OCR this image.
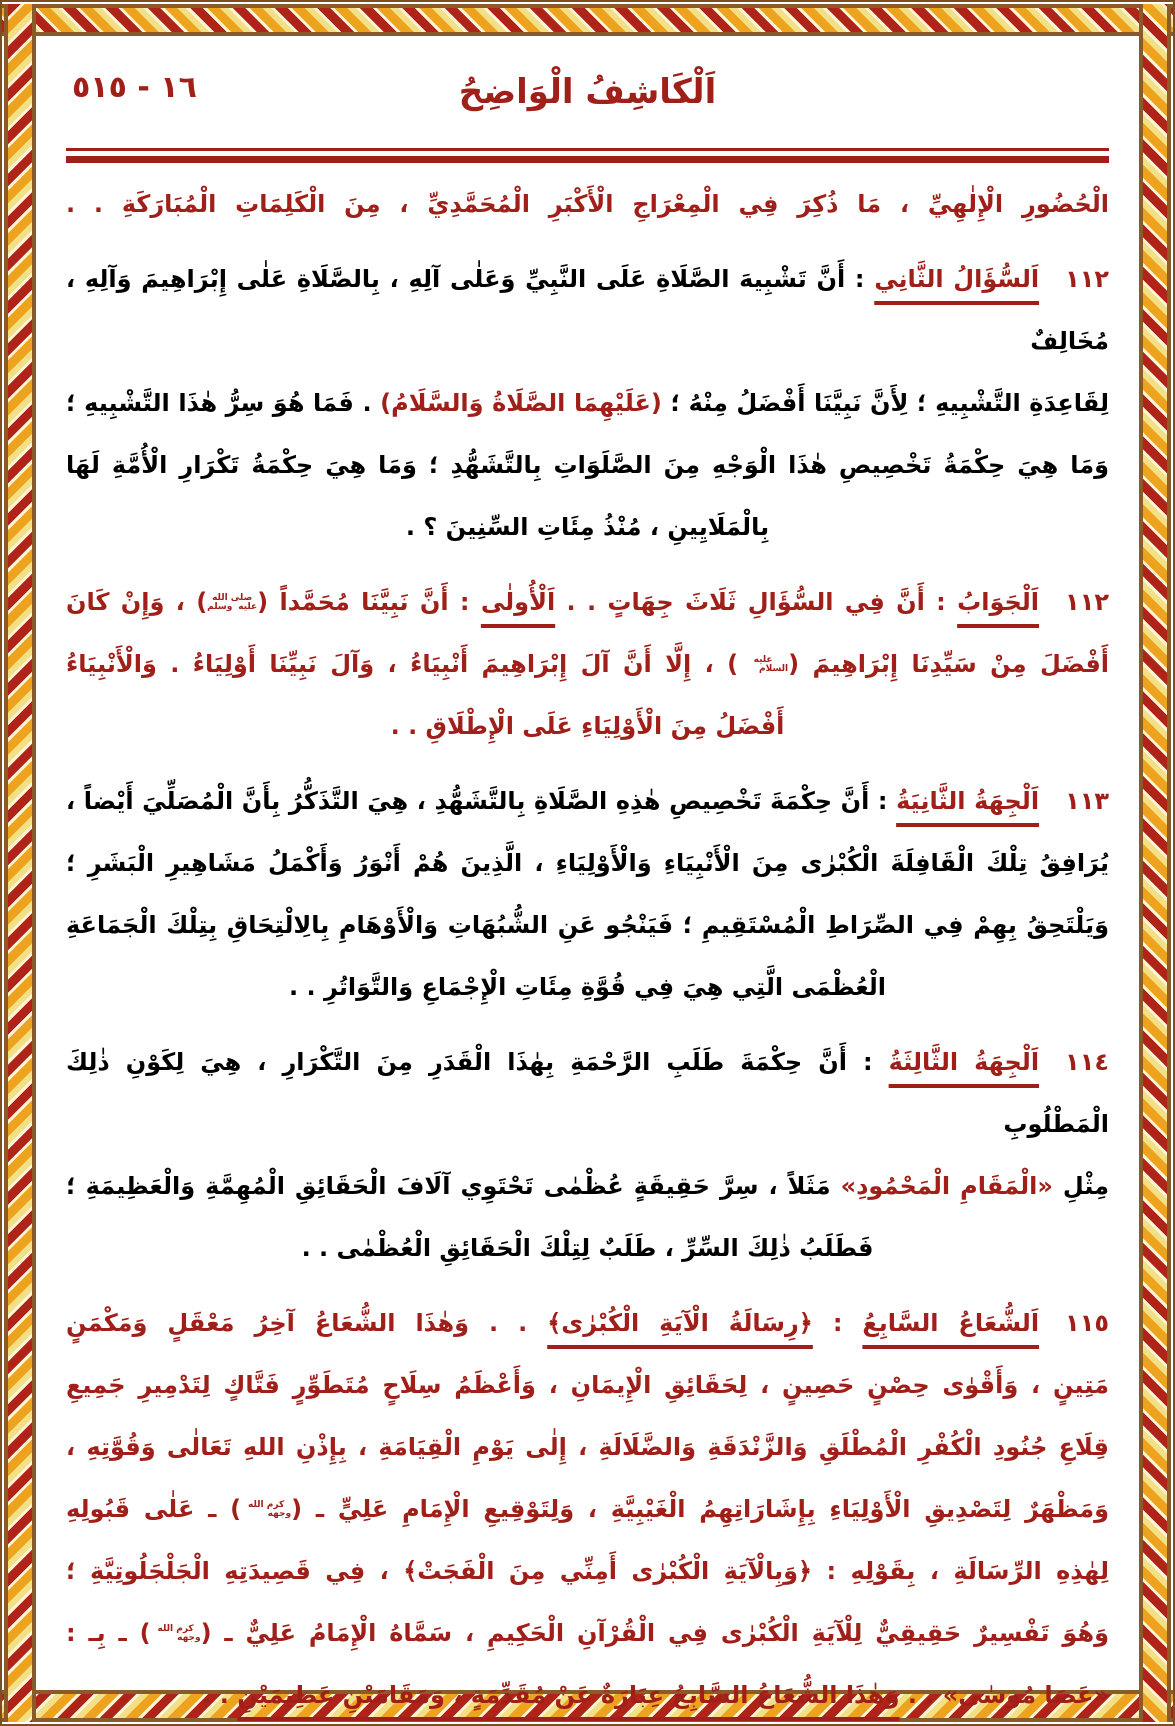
اَلْكَاشِفُ الْوَاضِحُ
١٦ - ٥١٥
الْحُضُورِ الْإِلٰهِيِّ ، مَا ذُكِرَ فِي الْمِعْرَاجِ الْأَكْبَرِ الْمُحَمَّدِيِّ ، مِنَ الْكَلِمَاتِ الْمُبَارَكَةِ . .
١١٢اَلسُّؤَالُ الثَّانِي : أَنَّ تَشْبِيهَ الصَّلَاةِ عَلَى النَّبِيِّ وَعَلٰى آلِهِ ، بِالصَّلَاةِ عَلٰى إِبْرَاهِيمَ وَآلِهِ ، مُخَالِفٌ
لِقَاعِدَةِ التَّشْبِيهِ ؛ لِأَنَّ نَبِيَّنَا أَفْضَلُ مِنْهُ ؛ (عَلَيْهِمَا الصَّلَاةُ وَالسَّلَامُ) . فَمَا هُوَ سِرُّ هٰذَا التَّشْبِيهِ ؛
وَمَا هِيَ حِكْمَةُ تَخْصِيصِ هٰذَا الْوَجْهِ مِنَ الصَّلَوَاتِ بِالتَّشَهُّدِ ؛ وَمَا هِيَ حِكْمَةُ تَكْرَارِ الْأُمَّةِ لَهَا
بِالْمَلَايِينِ ، مُنْذُ مِئَاتِ السِّنِينَ ؟ .
١١٢اَلْجَوَابُ : أَنَّ فِي السُّؤَالِ ثَلَاثَ جِهَاتٍ . . اَلْأُولٰى : أَنَّ نَبِيَّنَا مُحَمَّداً (صلى الله عليه وسلم) ، وَإِنْ كَانَ
أَفْضَلَ مِنْ سَيِّدِنَا إِبْرَاهِيمَ (عليه السلام) ، إِلَّا أَنَّ آلَ إِبْرَاهِيمَ أَنْبِيَاءُ ، وَآلَ نَبِيِّنَا أَوْلِيَاءُ . وَالْأَنْبِيَاءُ
أَفْضَلُ مِنَ الْأَوْلِيَاءِ عَلَى الْإِطْلَاقِ . .
١١٣اَلْجِهَةُ الثَّانِيَةُ : أَنَّ حِكْمَةَ تَخْصِيصِ هٰذِهِ الصَّلَاةِ بِالتَّشَهُّدِ ، هِيَ التَّذَكُّرُ بِأَنَّ الْمُصَلِّيَ أَيْضاً ،
يُرَافِقُ تِلْكَ الْقَافِلَةَ الْكُبْرٰى مِنَ الْأَنْبِيَاءِ وَالْأَوْلِيَاءِ ، الَّذِينَ هُمْ أَنْوَرُ وَأَكْمَلُ مَشَاهِيرِ الْبَشَرِ ؛
وَيَلْتَحِقُ بِهِمْ فِي الصِّرَاطِ الْمُسْتَقِيمِ ؛ فَيَنْجُو عَنِ الشُّبُهَاتِ وَالْأَوْهَامِ بِالِالْتِحَاقِ بِتِلْكَ الْجَمَاعَةِ
الْعُظْمَى الَّتِي هِيَ فِي قُوَّةِ مِئَاتِ الْإِجْمَاعِ وَالتَّوَاتُرِ . .
١١٤اَلْجِهَةُ الثَّالِثَةُ : أَنَّ حِكْمَةَ طَلَبِ الرَّحْمَةِ بِهٰذَا الْقَدَرِ مِنَ التَّكْرَارِ ، هِيَ لِكَوْنِ ذٰلِكَ الْمَطْلُوبِ
مِثْلِ «الْمَقَامِ الْمَحْمُودِ» مَثَلاً ، سِرَّ حَقِيقَةٍ عُظْمٰى تَحْتَوِي آلَافَ الْحَقَائِقِ الْمُهِمَّةِ وَالْعَظِيمَةِ ؛
فَطَلَبُ ذٰلِكَ السِّرِّ ، طَلَبٌ لِتِلْكَ الْحَقَائِقِ الْعُظْمٰى . .
١١٥اَلشُّعَاعُ السَّابِعُ : ﴿رِسَالَةُ الْآيَةِ الْكُبْرٰى﴾ . . وَهٰذَا الشُّعَاعُ آخِرُ مَعْقَلٍ وَمَكْمَنٍ
مَتِينٍ ، وَأَقْوٰى حِصْنٍ حَصِينٍ ، لِحَقَائِقِ الْإِيمَانِ ، وَأَعْظَمُ سِلَاحٍ مُتَطَوِّرٍ فَتَّاكٍ لِتَدْمِيرِ جَمِيعِ
قِلَاعِ جُنُودِ الْكُفْرِ الْمُطْلَقِ وَالزَّنْدَقَةِ وَالضَّلَالَةِ ، إِلٰى يَوْمِ الْقِيَامَةِ ، بِإِذْنِ اللهِ تَعَالٰى وَقُوَّتِهِ ،
وَمَظْهَرٌ لِتَصْدِيقِ الْأَوْلِيَاءِ بِإِشَارَاتِهِمُ الْغَيْبِيَّةِ ، وَلِتَوْقِيعِ الْإِمَامِ عَلِيٍّ ـ (كرم الله وجهه) ـ عَلٰى قَبُولِهِ
لِهٰذِهِ الرِّسَالَةِ ، بِقَوْلِهِ : ﴿وَبِالْآيَةِ الْكُبْرٰى أَمِنِّي مِنَ الْفَجَتْ﴾ ، فِي قَصِيدَتِهِ الْجَلْجَلُوتِيَّةِ ؛
وَهُوَ تَفْسِيرٌ حَقِيقِيٌّ لِلْآيَةِ الْكُبْرٰى فِي الْقُرْآنِ الْحَكِيمِ ، سَمَّاهُ الْإِمَامُ عَلِيٌّ ـ (كرم الله وجهه) ـ بِـ :
«عَصَا مُوسٰى» . . وَهٰذَا الشُّعَاعُ السَّابِعُ عِبَارَةٌ عَنْ مُقَدِّمَةٍ ، وَمَقَامَيْنِ عَظِيمَيْنِ . .
